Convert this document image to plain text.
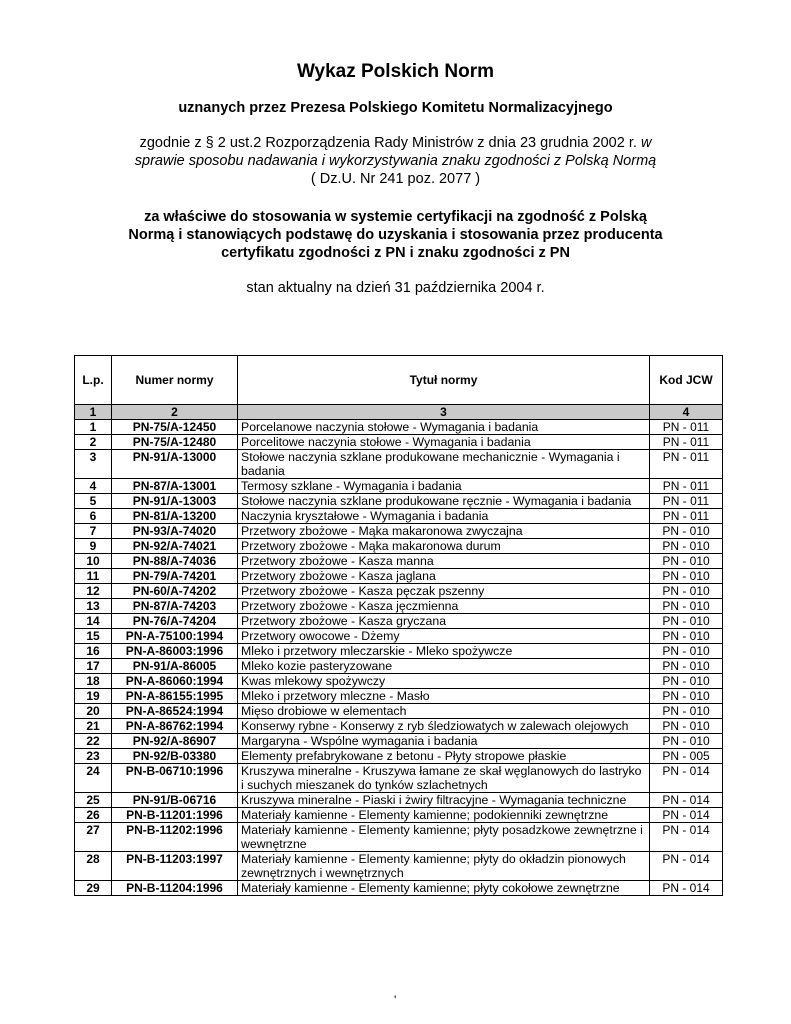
Wykaz Polskich Norm
uznanych przez Prezesa Polskiego Komitetu Normalizacyjnego
zgodnie z § 2 ust.2 Rozporządzenia Rady Ministrów z dnia 23 grudnia 2002 r. w
sprawie sposobu nadawania i wykorzystywania znaku zgodności z Polską Normą
( Dz.U. Nr 241 poz. 2077 )
za właściwe do stosowania w systemie certyfikacji na zgodność z Polską
Normą i stanowiących podstawę do uzyskania i stosowania przez producenta
certyfikatu zgodności z PN i znaku zgodności z PN
stan aktualny na dzień 31 października 2004 r.
L.p.	Numer normy	Tytuł normy	Kod JCW
1	2	3	4
1	PN-75/A-12450	Porcelanowe naczynia stołowe - Wymagania i badania	PN - 011
2	PN-75/A-12480	Porcelitowe naczynia stołowe - Wymagania i badania	PN - 011
3	PN-91/A-13000	Stołowe naczynia szklane produkowane mechanicznie - Wymagania i badania	PN - 011
4	PN-87/A-13001	Termosy szklane - Wymagania i badania	PN - 011
5	PN-91/A-13003	Stołowe naczynia szklane produkowane ręcznie - Wymagania i badania	PN - 011
6	PN-81/A-13200	Naczynia kryształowe - Wymagania i badania	PN - 011
7	PN-93/A-74020	Przetwory zbożowe - Mąka makaronowa zwyczajna	PN - 010
9	PN-92/A-74021	Przetwory zbożowe - Mąka makaronowa durum	PN - 010
10	PN-88/A-74036	Przetwory zbożowe - Kasza manna	PN - 010
11	PN-79/A-74201	Przetwory zbożowe - Kasza jaglana	PN - 010
12	PN-60/A-74202	Przetwory zbożowe - Kasza pęczak pszenny	PN - 010
13	PN-87/A-74203	Przetwory zbożowe - Kasza jęczmienna	PN - 010
14	PN-76/A-74204	Przetwory zbożowe - Kasza gryczana	PN - 010
15	PN-A-75100:1994	Przetwory owocowe - Dżemy	PN - 010
16	PN-A-86003:1996	Mleko i przetwory mleczarskie - Mleko spożywcze	PN - 010
17	PN-91/A-86005	Mleko kozie pasteryzowane	PN - 010
18	PN-A-86060:1994	Kwas mlekowy spożywczy	PN - 010
19	PN-A-86155:1995	Mleko i przetwory mleczne - Masło	PN - 010
20	PN-A-86524:1994	Mięso drobiowe w elementach	PN - 010
21	PN-A-86762:1994	Konserwy rybne - Konserwy z ryb śledziowatych w zalewach olejowych	PN - 010
22	PN-92/A-86907	Margaryna - Wspólne wymagania i badania	PN - 010
23	PN-92/B-03380	Elementy prefabrykowane z betonu - Płyty stropowe płaskie	PN - 005
24	PN-B-06710:1996	Kruszywa mineralne - Kruszywa łamane ze skał węglanowych do lastryko i suchych mieszanek do tynków szlachetnych	PN - 014
25	PN-91/B-06716	Kruszywa mineralne - Piaski i żwiry filtracyjne - Wymagania techniczne	PN - 014
26	PN-B-11201:1996	Materiały kamienne - Elementy kamienne; podokienniki zewnętrzne	PN - 014
27	PN-B-11202:1996	Materiały kamienne - Elementy kamienne; płyty posadzkowe zewnętrzne i wewnętrzne	PN - 014
28	PN-B-11203:1997	Materiały kamienne - Elementy kamienne; płyty do okładzin pionowych zewnętrznych i wewnętrznych	PN - 014
29	PN-B-11204:1996	Materiały kamienne - Elementy kamienne; płyty cokołowe zewnętrzne	PN - 014
'
